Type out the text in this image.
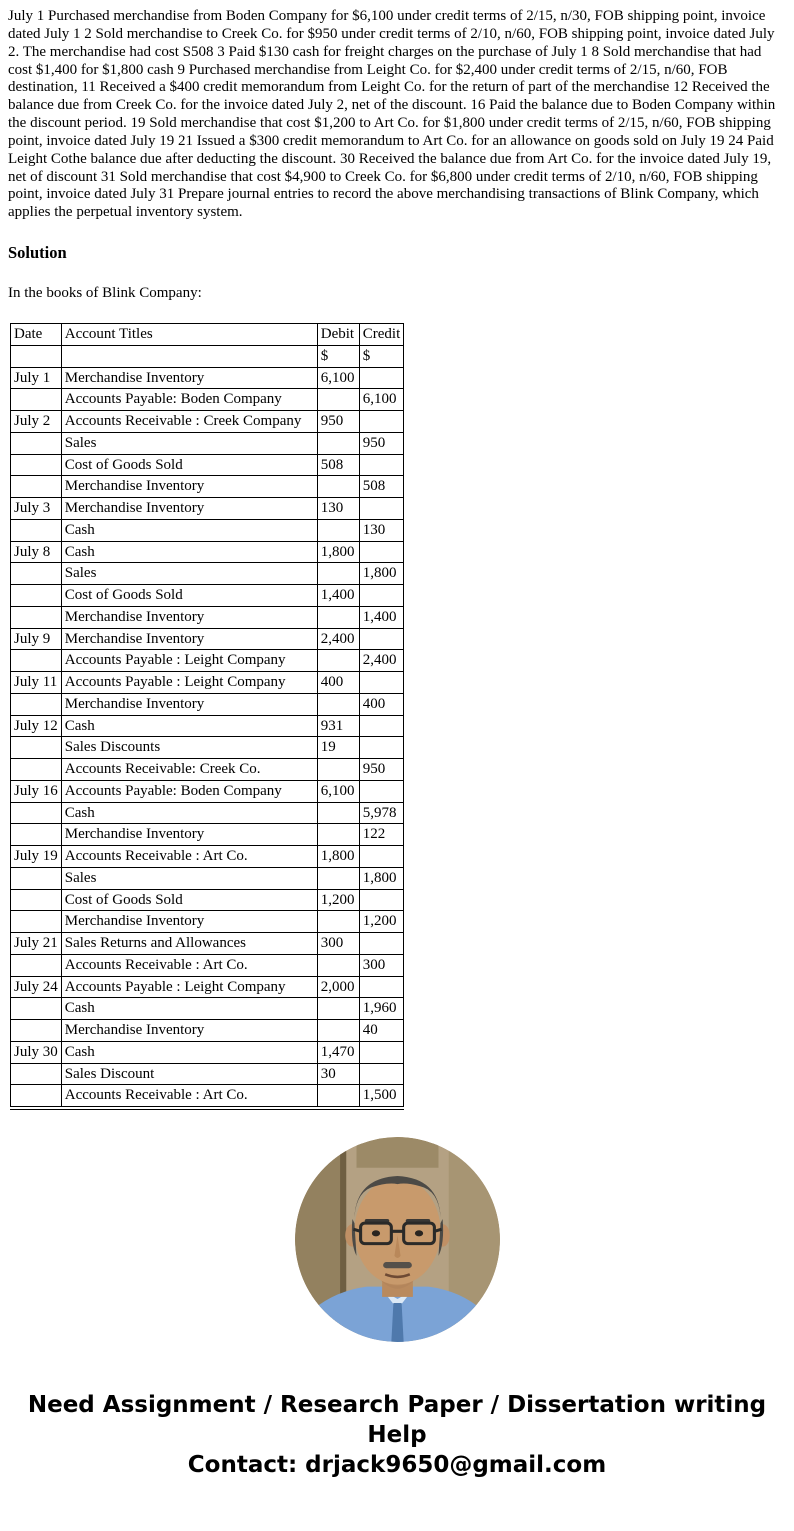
July 1 Purchased merchandise from Boden Company for $6,100 under credit terms of 2/15, n/30, FOB shipping point, invoice dated July 1 2 Sold merchandise to Creek Co. for $950 under credit terms of 2/10, n/60, FOB shipping point, invoice dated July 2. The merchandise had cost S508 3 Paid $130 cash for freight charges on the purchase of July 1 8 Sold merchandise that had cost $1,400 for $1,800 cash 9 Purchased merchandise from Leight Co. for $2,400 under credit terms of 2/15, n/60, FOB destination, 11 Received a $400 credit memorandum from Leight Co. for the return of part of the merchandise 12 Received the balance due from Creek Co. for the invoice dated July 2, net of the discount. 16 Paid the balance due to Boden Company within the discount period. 19 Sold merchandise that cost $1,200 to Art Co. for $1,800 under credit terms of 2/15, n/60, FOB shipping point, invoice dated July 19 21 Issued a $300 credit memorandum to Art Co. for an allowance on goods sold on July 19 24 Paid Leight Cothe balance due after deducting the discount. 30 Received the balance due from Art Co. for the invoice dated July 19, net of discount 31 Sold merchandise that cost $4,900 to Creek Co. for $6,800 under credit terms of 2/10, n/60, FOB shipping point, invoice dated July 31 Prepare journal entries to record the above merchandising transactions of Blink Company, which applies the perpetual inventory system.

Solution

In the books of Blink Company:

Date	Account Titles	Debit	Credit
		$	$
July 1	Merchandise Inventory	6,100	
	Accounts Payable: Boden Company		6,100
July 2	Accounts Receivable : Creek Company	950	
	Sales		950
	Cost of Goods Sold	508	
	Merchandise Inventory		508
July 3	Merchandise Inventory	130	
	Cash		130
July 8	Cash	1,800	
	Sales		1,800
	Cost of Goods Sold	1,400	
	Merchandise Inventory		1,400
July 9	Merchandise Inventory	2,400	
	Accounts Payable : Leight Company		2,400
July 11	Accounts Payable : Leight Company	400	
	Merchandise Inventory		400
July 12	Cash	931	
	Sales Discounts	19	
	Accounts Receivable: Creek Co.		950
July 16	Accounts Payable: Boden Company	6,100	
	Cash		5,978
	Merchandise Inventory		122
July 19	Accounts Receivable : Art Co.	1,800	
	Sales		1,800
	Cost of Goods Sold	1,200	
	Merchandise Inventory		1,200
July 21	Sales Returns and Allowances	300	
	Accounts Receivable : Art Co.		300
July 24	Accounts Payable : Leight Company	2,000	
	Cash		1,960
	Merchandise Inventory		40
July 30	Cash	1,470	
	Sales Discount	30	
	Accounts Receivable : Art Co.		1,500
Need Assignment / Research Paper / Dissertation writing Help
Contact: drjack9650@gmail.com
